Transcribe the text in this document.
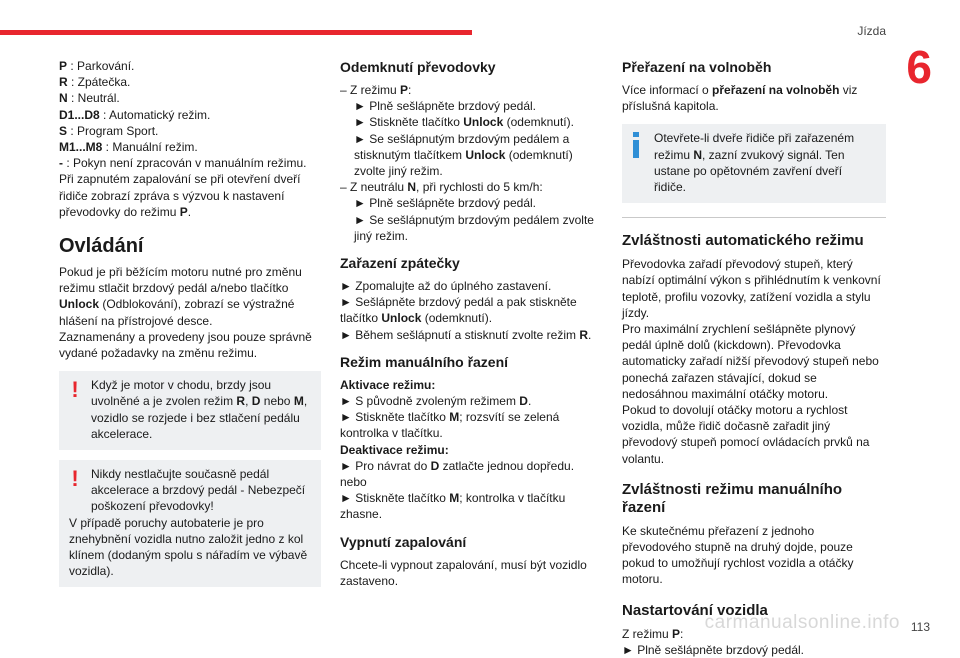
Jízda
6

P : Parkování.

R : Zpátečka.

N : Neutrál.

D1...D8 : Automatický režim.

S : Program Sport.

M1...M8 : Manuální režim.

- : Pokyn není zpracován v manuálním režimu.

Při zapnutém zapalování se při otevření dveří řidiče zobrazí zpráva s výzvou k nastavení převodovky do režimu P.

Ovládání

Pokud je při běžícím motoru nutné pro změnu režimu stlačit brzdový pedál a/nebo tlačítko Unlock (Odblokování), zobrazí se výstražné hlášení na přístrojové desce.

Zaznamenány a provedeny jsou pouze správně vydané požadavky na změnu režimu.

!	Když je motor v chodu, brzdy jsou uvolněné a je zvolen režim R, D nebo M, vozidlo se rozjede i bez stlačení pedálu akcelerace.

!	Nikdy nestlačujte současně pedál akcelerace a brzdový pedál - Nebezpečí poškození převodovky!

V případě poruchy autobaterie je pro znehybnění vozidla nutno založit jedno z kol klínem (dodaným spolu s nářadím ve výbavě vozidla).

Odemknutí převodovky

– Z režimu P:

► Plně sešlápněte brzdový pedál.

► Stiskněte tlačítko Unlock (odemknutí).

► Se sešlápnutým brzdovým pedálem a stisknutým tlačítkem Unlock (odemknutí) zvolte jiný režim.

– Z neutrálu N, při rychlosti do 5 km/h:

► Plně sešlápněte brzdový pedál.

► Se sešlápnutým brzdovým pedálem zvolte jiný režim.

Zařazení zpátečky

► Zpomalujte až do úplného zastavení.

► Sešlápněte brzdový pedál a pak stiskněte tlačítko Unlock (odemknutí).

► Během sešlápnutí a stisknutí zvolte režim R.

Režim manuálního řazení

Aktivace režimu:

► S původně zvoleným režimem D.

► Stiskněte tlačítko M; rozsvítí se zelená kontrolka v tlačítku.

Deaktivace režimu:

► Pro návrat do D zatlačte jednou dopředu.

nebo

► Stiskněte tlačítko M; kontrolka v tlačítku zhasne.

Vypnutí zapalování

Chcete-li vypnout zapalování, musí být vozidlo zastaveno.

Přeřazení na volnoběh

Více informací o přeřazení na volnoběh viz příslušná kapitola.

Otevřete-li dveře řidiče při zařazeném režimu N, zazní zvukový signál. Ten ustane po opětovném zavření dveří řidiče.

Zvláštnosti automatického režimu

Převodovka zařadí převodový stupeň, který nabízí optimální výkon s přihlédnutím k venkovní teplotě, profilu vozovky, zatížení vozidla a stylu jízdy.

Pro maximální zrychlení sešlápněte plynový pedál úplně dolů (kickdown). Převodovka automaticky zařadí nižší převodový stupeň nebo ponechá zařazen stávající, dokud se nedosáhnou maximální otáčky motoru.

Pokud to dovolují otáčky motoru a rychlost vozidla, může řidič dočasně zařadit jiný převodový stupeň pomocí ovládacích prvků na volantu.

Zvláštnosti režimu manuálního řazení

Ke skutečnému přeřazení z jednoho převodového stupně na druhý dojde, pouze pokud to umožňují rychlost vozidla a otáčky motoru.

Nastartování vozidla

Z režimu P:

► Plně sešlápněte brzdový pedál.

carmanualsonline.info 113
